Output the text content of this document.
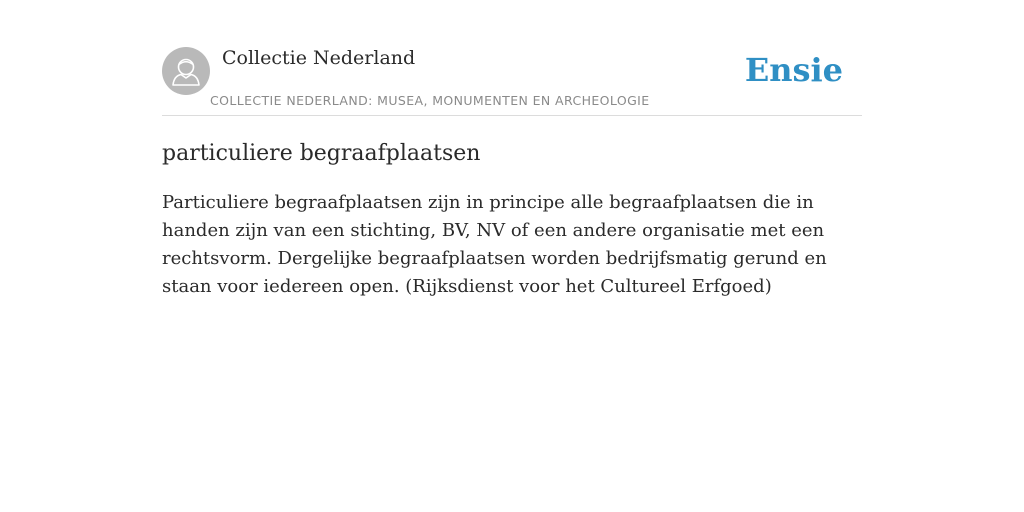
Collectie Nederland
COLLECTIE NEDERLAND: MUSEA, MONUMENTEN EN ARCHEOLOGIE
Ensie
particuliere begraafplaatsen

Particuliere begraafplaatsen zijn in principe alle begraafplaatsen die in handen zijn van een stichting, BV, NV of een andere organisatie met een rechtsvorm. Dergelijke begraafplaatsen worden bedrijfsmatig gerund en staan voor iedereen open. (Rijksdienst voor het Cultureel Erfgoed)
